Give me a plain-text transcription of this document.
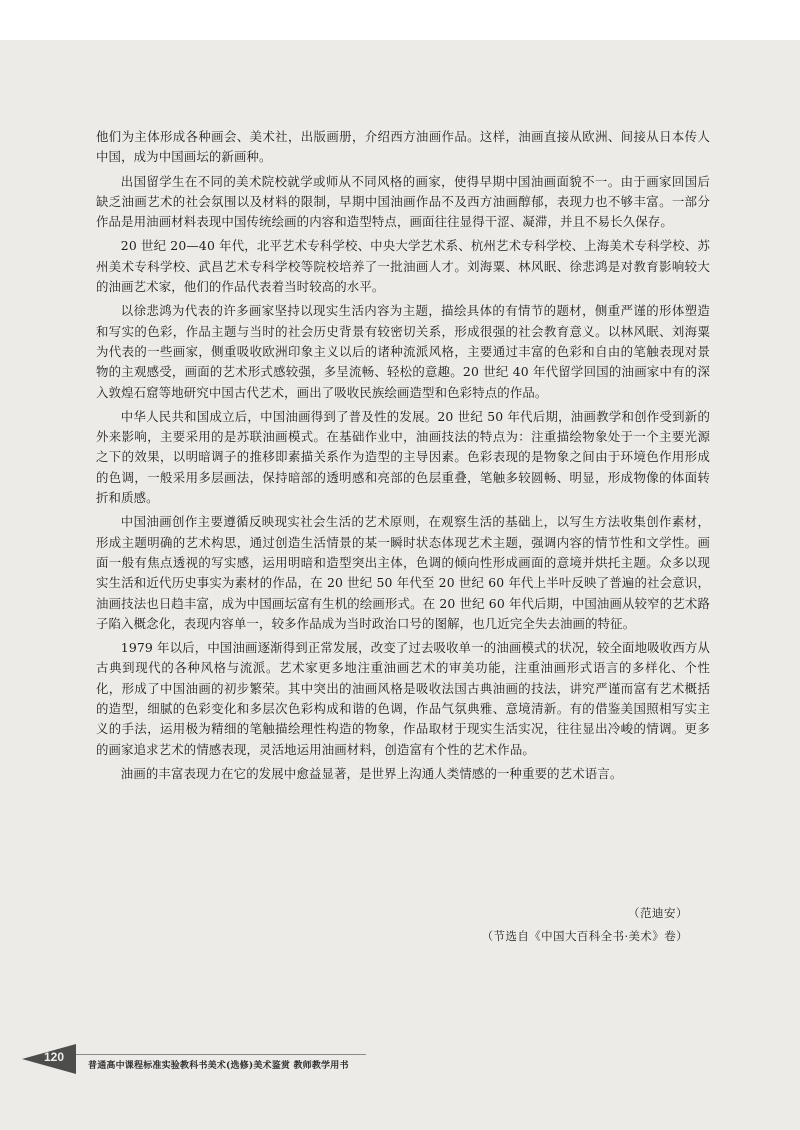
他们为主体形成各种画会、美术社，出版画册，介绍西方油画作品。这样，油画直接从欧洲、间接从日本传人中国，成为中国画坛的新画种。

出国留学生在不同的美术院校就学或师从不同风格的画家，使得早期中国油画面貌不一。由于画家回国后缺乏油画艺术的社会氛围以及材料的限制，早期中国油画作品不及西方油画醇郁，表现力也不够丰富。一部分作品是用油画材料表现中国传统绘画的内容和造型特点，画面往往显得干涩、凝滞，并且不易长久保存。

20 世纪 20—40 年代，北平艺术专科学校、中央大学艺术系、杭州艺术专科学校、上海美术专科学校、苏州美术专科学校、武昌艺术专科学校等院校培养了一批油画人才。刘海粟、林风眠、徐悲鸿是对教育影响较大的油画艺术家，他们的作品代表着当时较高的水平。

以徐悲鸿为代表的许多画家坚持以现实生活内容为主题，描绘具体的有情节的题材，侧重严谨的形体塑造和写实的色彩，作品主题与当时的社会历史背景有较密切关系，形成很强的社会教育意义。以林风眠、刘海粟为代表的一些画家，侧重吸收欧洲印象主义以后的诸种流派风格，主要通过丰富的色彩和自由的笔触表现对景物的主观感受，画面的艺术形式感较强，多呈流畅、轻松的意趣。20 世纪 40 年代留学回国的油画家中有的深入敦煌石窟等地研究中国古代艺术，画出了吸收民族绘画造型和色彩特点的作品。

中华人民共和国成立后，中国油画得到了普及性的发展。20 世纪 50 年代后期，油画教学和创作受到新的外来影响，主要采用的是苏联油画模式。在基础作业中，油画技法的特点为：注重描绘物象处于一个主要光源之下的效果，以明暗调子的推移即素描关系作为造型的主导因素。色彩表现的是物象之间由于环境色作用形成的色调，一般采用多层画法，保持暗部的透明感和亮部的色层重叠，笔触多较圆畅、明显，形成物像的体面转折和质感。

中国油画创作主要遵循反映现实社会生活的艺术原则，在观察生活的基础上，以写生方法收集创作素材，形成主题明确的艺术构思，通过创造生活情景的某一瞬时状态体现艺术主题，强调内容的情节性和文学性。画面一般有焦点透视的写实感，运用明暗和造型突出主体，色调的倾向性形成画面的意境并烘托主题。众多以现实生活和近代历史事实为素材的作品，在 20 世纪 50 年代至 20 世纪 60 年代上半叶反映了普遍的社会意识，油画技法也日趋丰富，成为中国画坛富有生机的绘画形式。在 20 世纪 60 年代后期，中国油画从较窄的艺术路子陷入概念化，表现内容单一，较多作品成为当时政治口号的图解，也几近完全失去油画的特征。

1979 年以后，中国油画逐渐得到正常发展，改变了过去吸收单一的油画模式的状况，较全面地吸收西方从古典到现代的各种风格与流派。艺术家更多地注重油画艺术的审美功能，注重油画形式语言的多样化、个性化，形成了中国油画的初步繁荣。其中突出的油画风格是吸收法国古典油画的技法，讲究严谨而富有艺术概括的造型，细腻的色彩变化和多层次色彩构成和谐的色调，作品气氛典雅、意境清新。有的借鉴美国照相写实主义的手法，运用极为精细的笔触描绘理性构造的物象，作品取材于现实生活实况，往往显出冷峻的情调。更多的画家追求艺术的情感表现，灵活地运用油画材料，创造富有个性的艺术作品。

油画的丰富表现力在它的发展中愈益显著，是世界上沟通人类情感的一种重要的艺术语言。

（范迪安）
（节选自《中国大百科全书·美术》卷）
120
普通高中课程标准实验教科书美术(选修)美术鉴赏 教师教学用书
